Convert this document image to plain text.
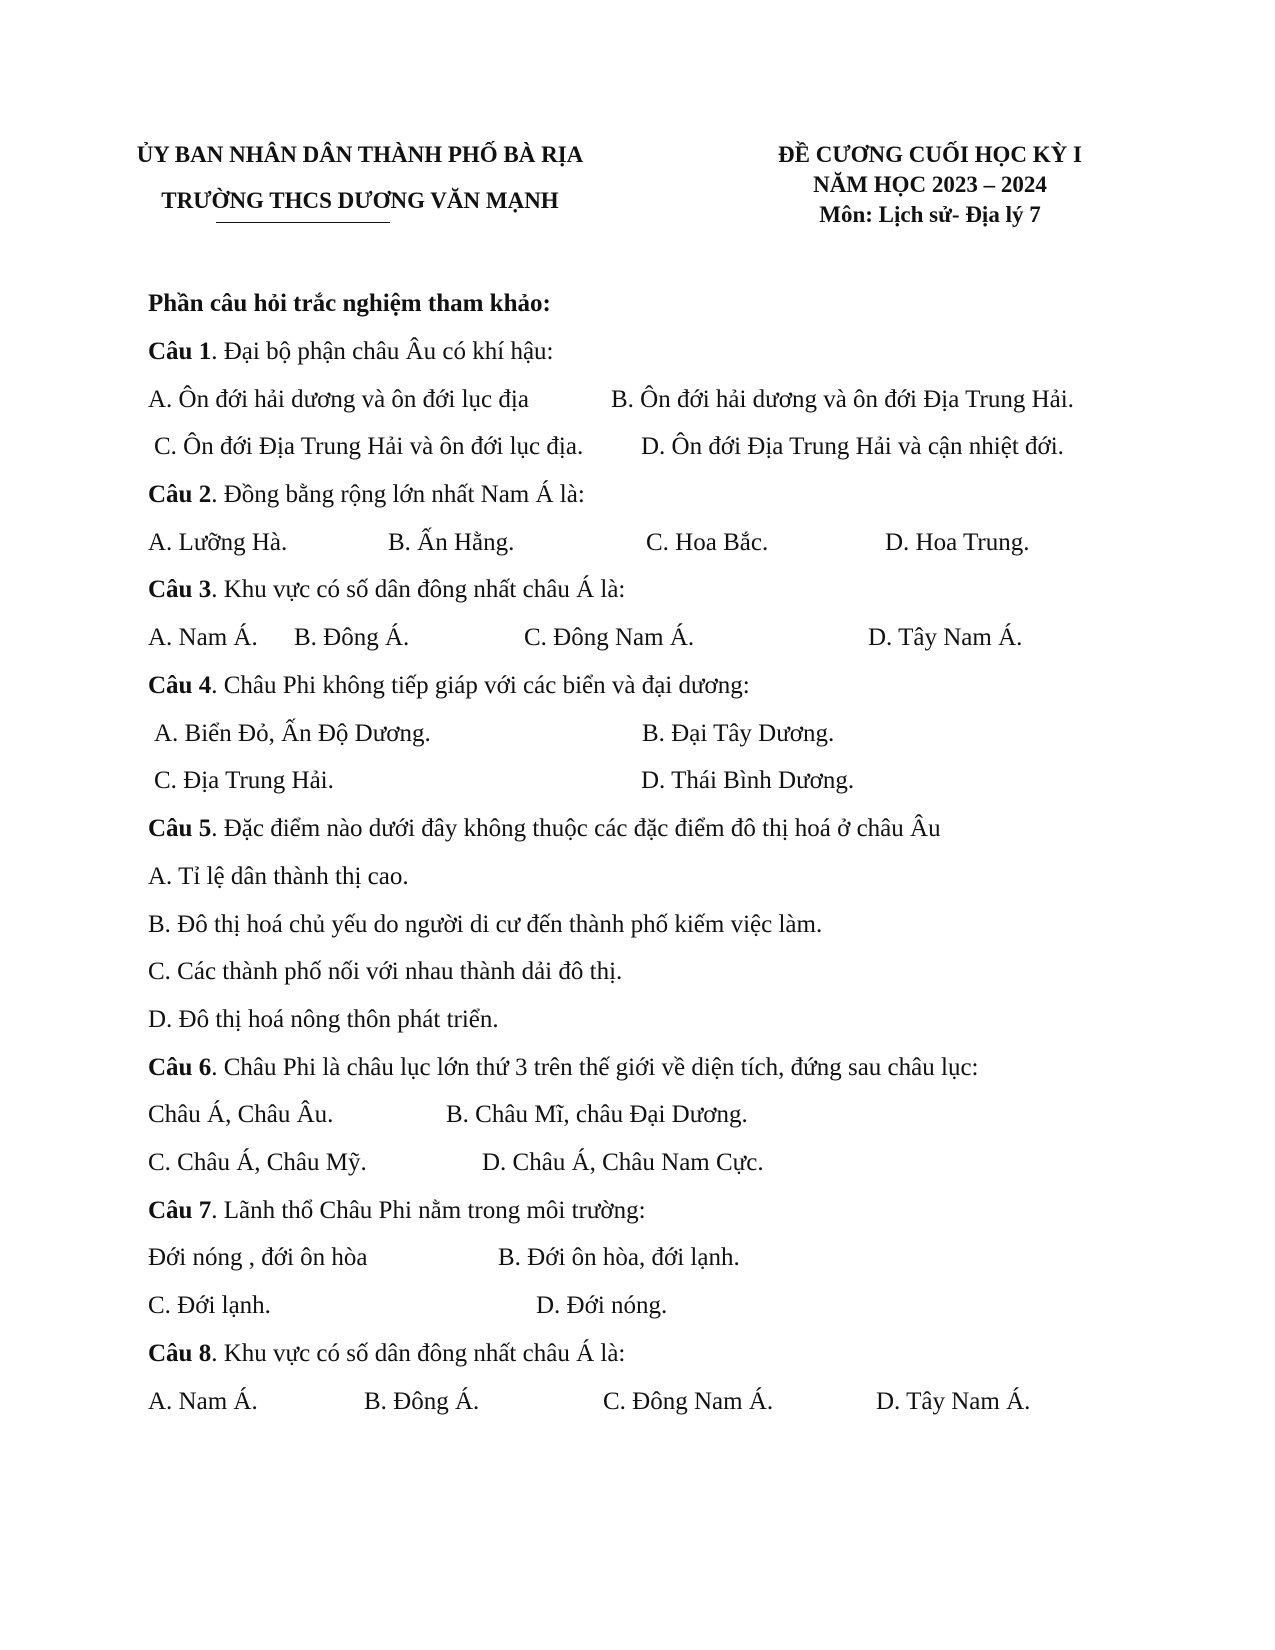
ỦY BAN NHÂN DÂN THÀNH PHỐ BÀ RỊA
TRƯỜNG THCS DƯƠNG VĂN MẠNH
ĐỀ CƯƠNG CUỐI HỌC KỲ I
NĂM HỌC 2023 – 2024
Môn: Lịch sử- Địa lý 7
Phần câu hỏi trắc nghiệm tham khảo:
Câu 1. Đại bộ phận châu Âu có khí hậu:
A. Ôn đới hải dương và ôn đới lục địa	B. Ôn đới hải dương và ôn đới Địa Trung Hải.
C. Ôn đới Địa Trung Hải và ôn đới lục địa. D. Ôn đới Địa Trung Hải và cận nhiệt đới.
Câu 2. Đồng bằng rộng lớn nhất Nam Á là:
A. Lưỡng Hà.	B. Ấn Hằng.	C. Hoa Bắc.	D. Hoa Trung.
Câu 3. Khu vực có số dân đông nhất châu Á là:
A. Nam Á. B. Đông Á.	C. Đông Nam Á.	D. Tây Nam Á.
Câu 4. Châu Phi không tiếp giáp với các biển và đại dương:
A. Biển Đỏ, Ấn Độ Dương.	B. Đại Tây Dương.
C. Địa Trung Hải.	D. Thái Bình Dương.
Câu 5. Đặc điểm nào dưới đây không thuộc các đặc điểm đô thị hoá ở châu Âu
A. Tỉ lệ dân thành thị cao.
B. Đô thị hoá chủ yếu do người di cư đến thành phố kiếm việc làm.
C. Các thành phố nối với nhau thành dải đô thị.
D. Đô thị hoá nông thôn phát triển.
Câu 6. Châu Phi là châu lục lớn thứ 3 trên thế giới về diện tích, đứng sau châu lục:
Châu Á, Châu Âu.	B. Châu Mĩ, châu Đại Dương.
C. Châu Á, Châu Mỹ.	D. Châu Á, Châu Nam Cực.
Câu 7. Lãnh thổ Châu Phi nằm trong môi trường:
Đới nóng , đới ôn hòa	B. Đới ôn hòa, đới lạnh.
C. Đới lạnh.	D. Đới nóng.
Câu 8. Khu vực có số dân đông nhất châu Á là:
A. Nam Á.	B. Đông Á.	C. Đông Nam Á.	D. Tây Nam Á.
